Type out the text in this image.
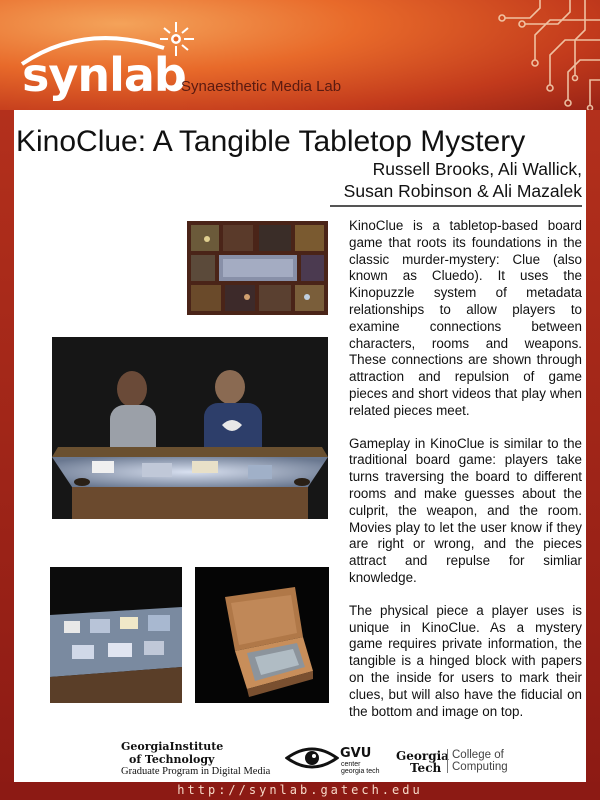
synlab
Synaesthetic Media Lab
KinoClue: A Tangible Tabletop Mystery
Russell Brooks, Ali Wallick,
Susan Robinson & Ali Mazalek

KinoClue is a tabletop-based board game that roots its foundations in the classic murder-mystery: Clue (also known as Cluedo). It uses the Kinopuzzle system of metadata relationships to allow players to examine connections between characters, rooms and weapons. These connections are shown through attraction and repulsion of game pieces and short videos that play when related pieces meet.

Gameplay in KinoClue is similar to the traditional board game: players take turns traversing the board to different rooms and make guesses about the culprit, the weapon, and the room. Movies play to let the user know if they are right or wrong, and the pieces attract and repulse for simliar knowledge.

The physical piece a player uses is unique in KinoClue. As a mystery game requires private information, the tangible is a hinged block with papers on the inside for users to mark their clues, but will also have the fiducial on the bottom and image on top.

GeorgiaInstitute
of Technology
Graduate Program in Digital Media
GVU
center
georgia tech
Georgia
Tech
College of
Computing
http://synlab.gatech.edu
